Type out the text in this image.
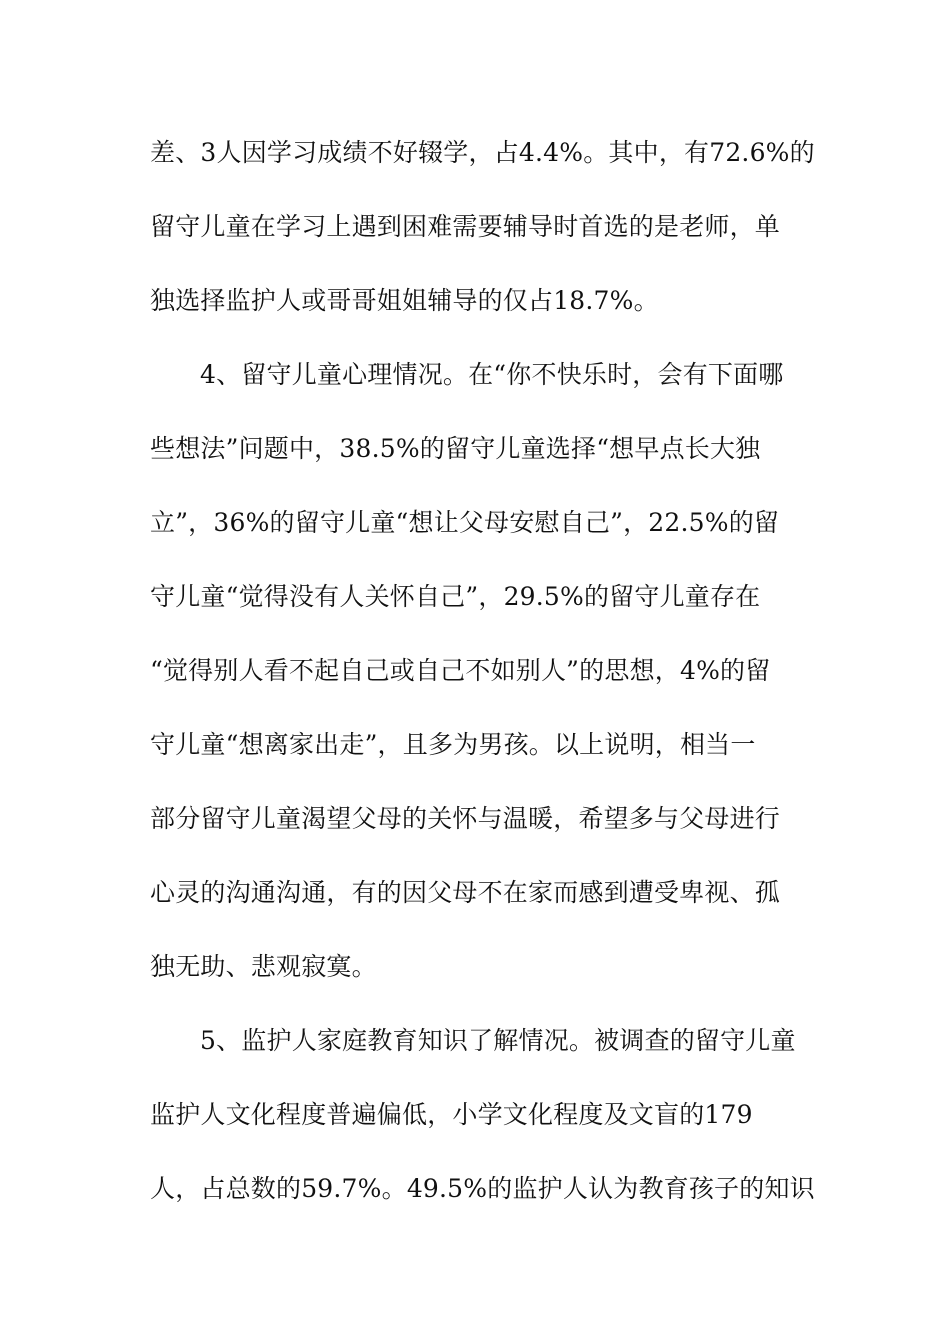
差、3人因学习成绩不好辍学，占4.4%。其中，有72.6%的
留守儿童在学习上遇到困难需要辅导时首选的是老师，单
独选择监护人或哥哥姐姐辅导的仅占18.7%。
4、留守儿童心理情况。在“你不快乐时，会有下面哪
些想法”问题中，38.5%的留守儿童选择“想早点长大独
立”，36%的留守儿童“想让父母安慰自己”，22.5%的留
守儿童“觉得没有人关怀自己”，29.5%的留守儿童存在
“觉得别人看不起自己或自己不如别人”的思想，4%的留
守儿童“想离家出走”，且多为男孩。以上说明，相当一
部分留守儿童渴望父母的关怀与温暖，希望多与父母进行
心灵的沟通沟通，有的因父母不在家而感到遭受卑视、孤
独无助、悲观寂寞。
5、监护人家庭教育知识了解情况。被调查的留守儿童
监护人文化程度普遍偏低，小学文化程度及文盲的179
人，占总数的59.7%。49.5%的监护人认为教育孩子的知识
